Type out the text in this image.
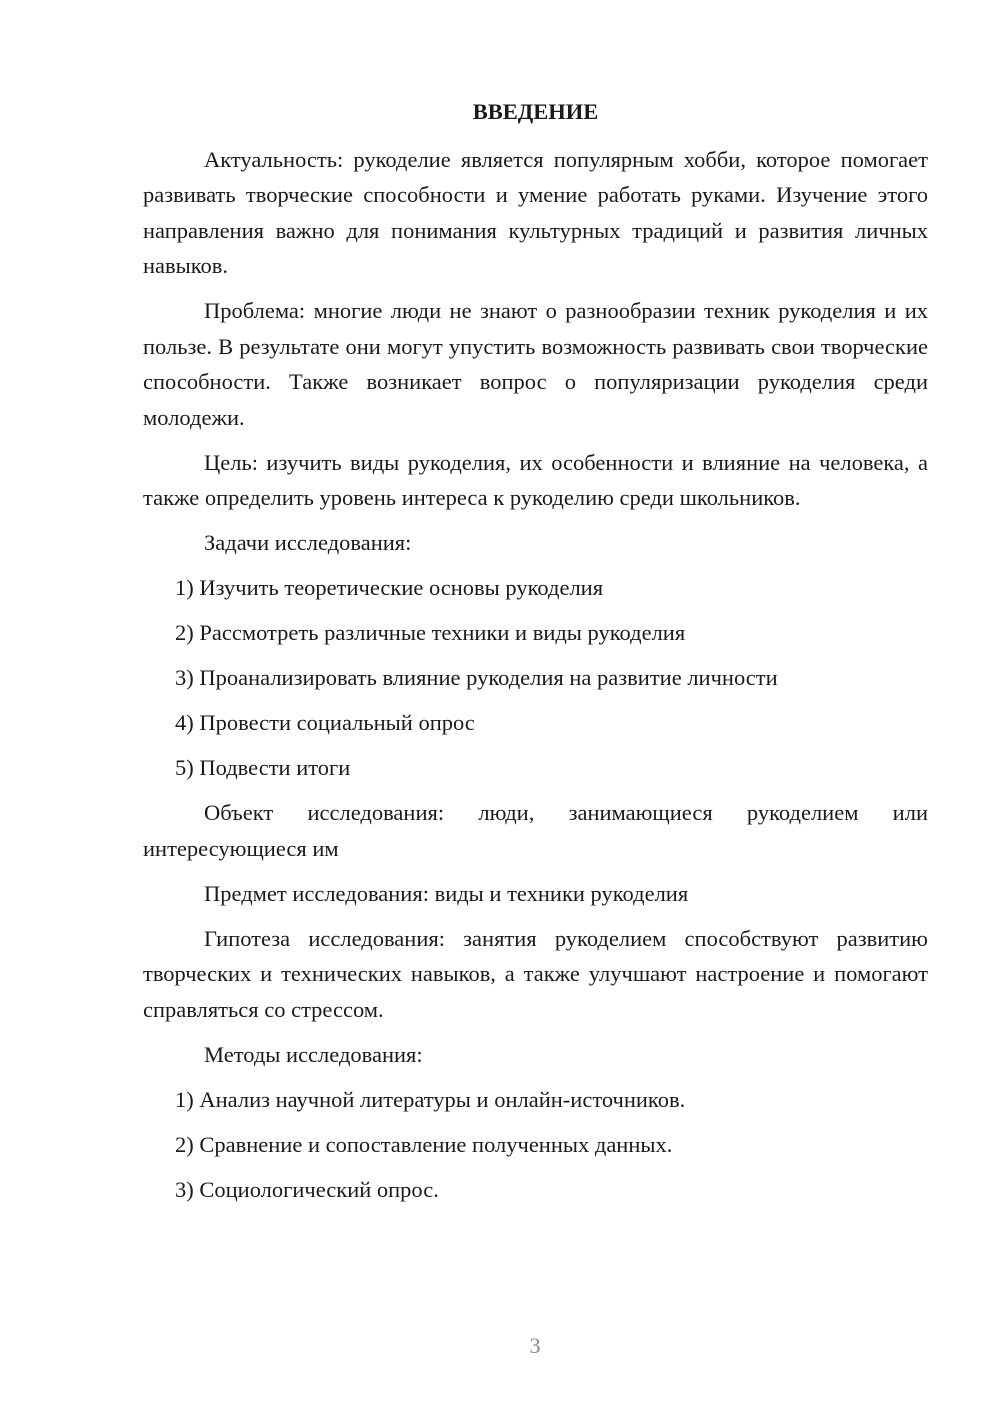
ВВЕДЕНИЕ

Актуальность: рукоделие является популярным хобби, которое помогает развивать творческие способности и умение работать руками. Изучение этого направления важно для понимания культурных традиций и развития личных навыков.

Проблема: многие люди не знают о разнообразии техник рукоделия и их пользе. В результате они могут упустить возможность развивать свои творческие способности. Также возникает вопрос о популяризации рукоделия среди молодежи.

Цель: изучить виды рукоделия, их особенности и влияние на человека, а также определить уровень интереса к рукоделию среди школьников.

Задачи исследования:

1) Изучить теоретические основы рукоделия

2) Рассмотреть различные техники и виды рукоделия

3) Проанализировать влияние рукоделия на развитие личности

4) Провести социальный опрос

5) Подвести итоги

Объект исследования: люди, занимающиеся рукоделием или интересующиеся им

Предмет исследования: виды и техники рукоделия

Гипотеза исследования: занятия рукоделием способствуют развитию творческих и технических навыков, а также улучшают настроение и помогают справляться со стрессом.

Методы исследования:

1) Анализ научной литературы и онлайн-источников.

2) Сравнение и сопоставление полученных данных.

3) Социологический опрос.

3
